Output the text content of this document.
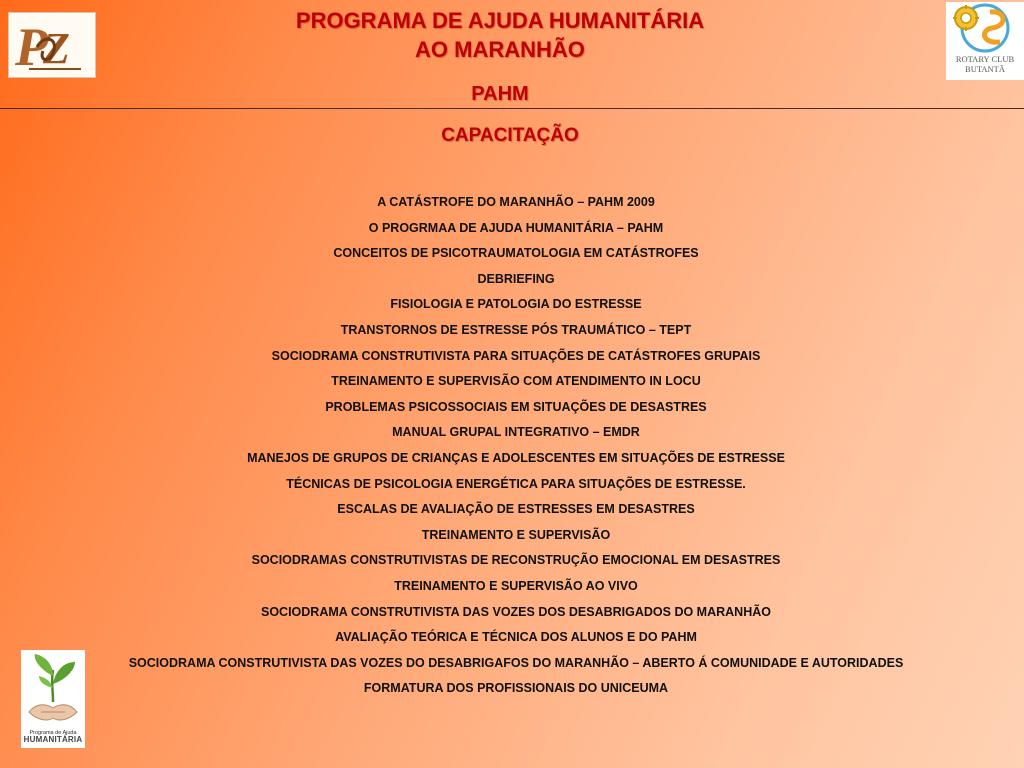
P
Z	ROTARY CLUB
BUTANTÃ
PROGRAMA DE AJUDA HUMANITÁRIA
AO MARANHÃO
PAHM
CAPACITAÇÃO
A CATÁSTROFE DO MARANHÃO – PAHM 2009
O PROGRMAA DE AJUDA HUMANITÁRIA – PAHM
CONCEITOS DE PSICOTRAUMATOLOGIA EM CATÁSTROFES
DEBRIEFING
FISIOLOGIA E PATOLOGIA DO ESTRESSE
TRANSTORNOS DE ESTRESSE PÓS TRAUMÁTICO – TEPT
SOCIODRAMA CONSTRUTIVISTA PARA SITUAÇÕES DE CATÁSTROFES GRUPAIS
TREINAMENTO E SUPERVISÃO COM ATENDIMENTO IN LOCU
PROBLEMAS PSICOSSOCIAIS EM SITUAÇÕES DE DESASTRES
MANUAL GRUPAL INTEGRATIVO – EMDR
MANEJOS DE GRUPOS DE CRIANÇAS E ADOLESCENTES EM SITUAÇÕES DE ESTRESSE
TÉCNICAS DE PSICOLOGIA ENERGÉTICA PARA SITUAÇÕES DE ESTRESSE.
ESCALAS DE AVALIAÇÃO DE ESTRESSES EM DESASTRES
TREINAMENTO E SUPERVISÃO
SOCIODRAMAS CONSTRUTIVISTAS DE RECONSTRUÇÃO EMOCIONAL EM DESASTRES
TREINAMENTO E SUPERVISÃO AO VIVO
SOCIODRAMA CONSTRUTIVISTA DAS VOZES DOS DESABRIGADOS DO MARANHÃO
AVALIAÇÃO TEÓRICA E TÉCNICA DOS ALUNOS E DO PAHM
SOCIODRAMA CONSTRUTIVISTA DAS VOZES DO DESABRIGAFOS DO MARANHÃO – ABERTO Á COMUNIDADE E AUTORIDADES
FORMATURA DOS PROFISSIONAIS DO UNICEUMA
Programa de Ajuda
HUMANITÁRIA
